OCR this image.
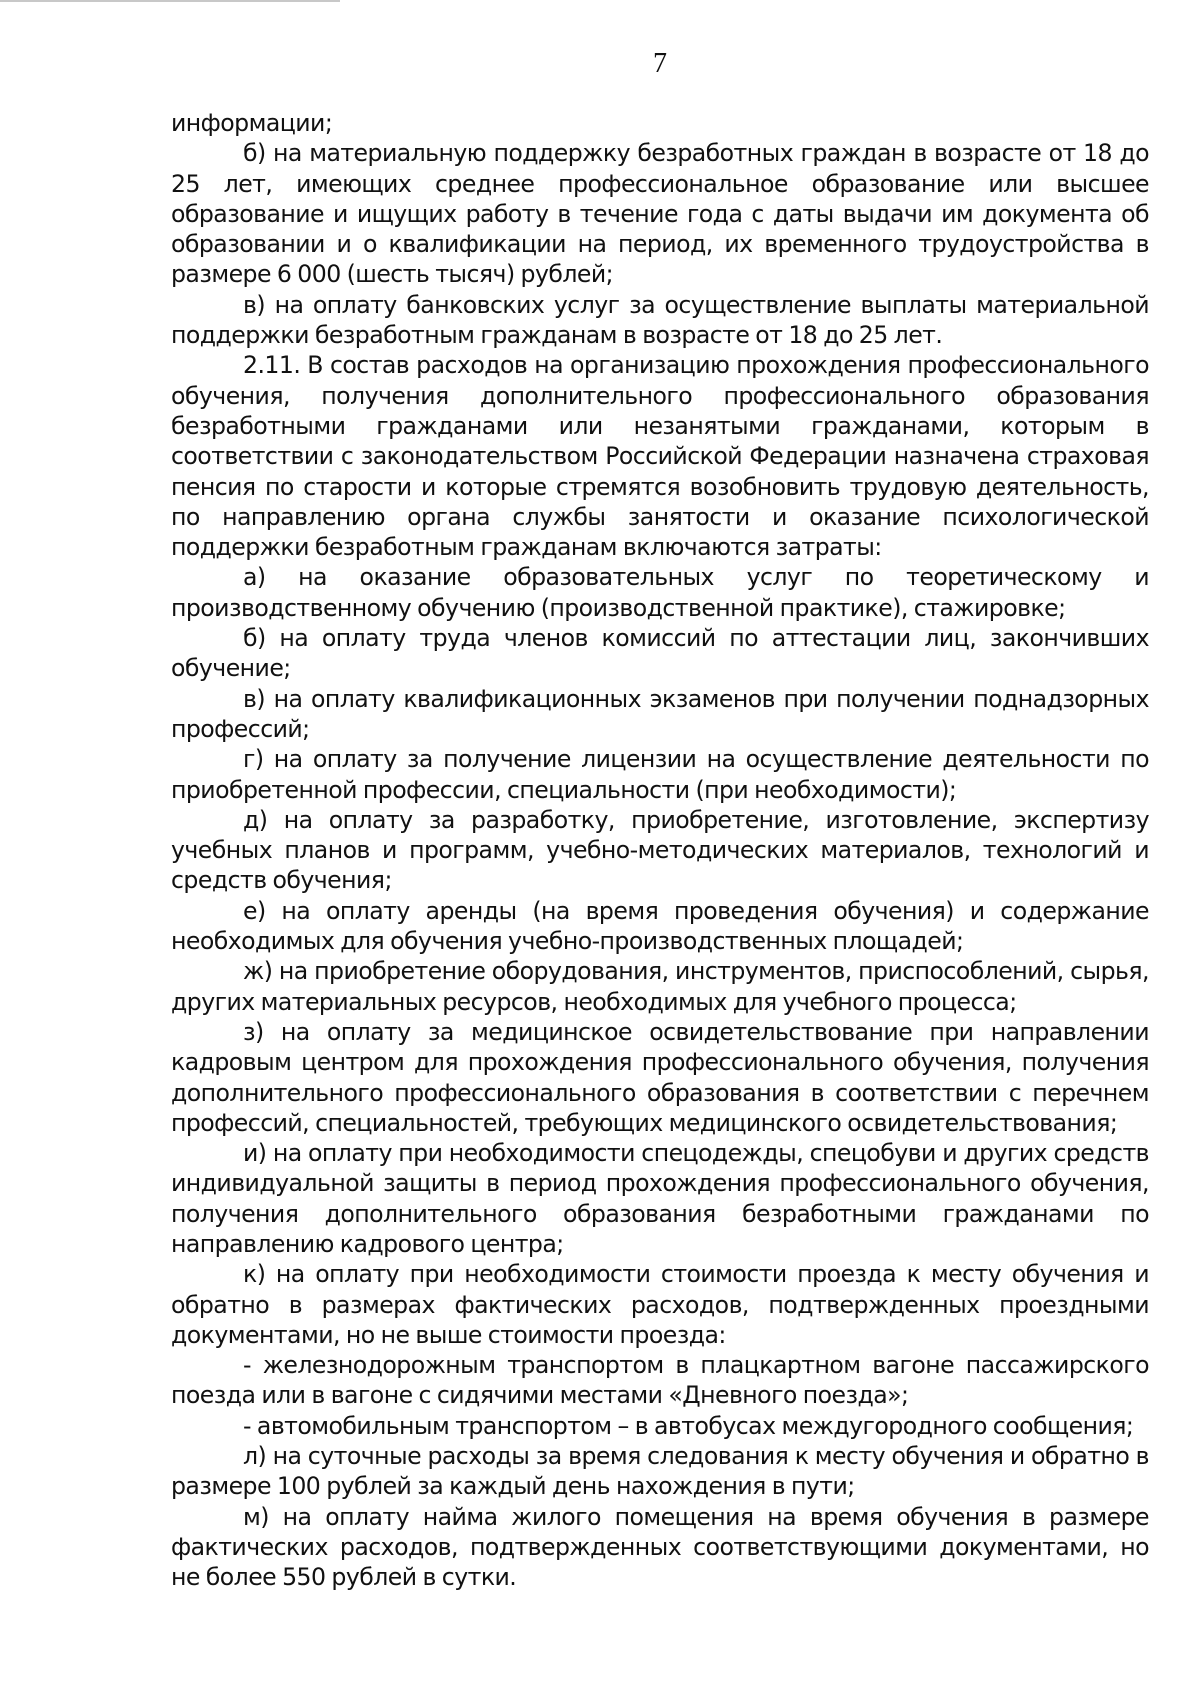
7

информации;

б) на материальную поддержку безработных граждан в возрасте от 18 до 25 лет, имеющих среднее профессиональное образование или высшее образование и ищущих работу в течение года с даты выдачи им документа об образовании и о квалификации на период, их временного трудоустройства в размере 6 000 (шесть тысяч) рублей;

в) на оплату банковских услуг за осуществление выплаты материальной поддержки безработным гражданам в возрасте от 18 до 25 лет.

2.11. В состав расходов на организацию прохождения профессионального обучения, получения дополнительного профессионального образования безработными гражданами или незанятыми гражданами, которым в соответствии с законодательством Российской Федерации назначена страховая пенсия по старости и которые стремятся возобновить трудовую деятельность, по направлению органа службы занятости и оказание психологической поддержки безработным гражданам включаются затраты:

а) на оказание образовательных услуг по теоретическому и производственному обучению (производственной практике), стажировке;

б) на оплату труда членов комиссий по аттестации лиц, закончивших обучение;

в) на оплату квалификационных экзаменов при получении поднадзорных профессий;

г) на оплату за получение лицензии на осуществление деятельности по приобретенной профессии, специальности (при необходимости);

д) на оплату за разработку, приобретение, изготовление, экспертизу учебных планов и программ, учебно-методических материалов, технологий и средств обучения;

е) на оплату аренды (на время проведения обучения) и содержание необходимых для обучения учебно-производственных площадей;

ж) на приобретение оборудования, инструментов, приспособлений, сырья, других материальных ресурсов, необходимых для учебного процесса;

з) на оплату за медицинское освидетельствование при направлении кадровым центром для прохождения профессионального обучения, получения дополнительного профессионального образования в соответствии с перечнем профессий, специальностей, требующих медицинского освидетельствования;

и) на оплату при необходимости спецодежды, спецобуви и других средств индивидуальной защиты в период прохождения профессионального обучения, получения дополнительного образования безработными гражданами по направлению кадрового центра;

к) на оплату при необходимости стоимости проезда к месту обучения и обратно в размерах фактических расходов, подтвержденных проездными документами, но не выше стоимости проезда:

- железнодорожным транспортом в плацкартном вагоне пассажирского поезда или в вагоне с сидячими местами «Дневного поезда»;

- автомобильным транспортом – в автобусах междугородного сообщения;

л) на суточные расходы за время следования к месту обучения и обратно в размере 100 рублей за каждый день нахождения в пути;

м) на оплату найма жилого помещения на время обучения в размере фактических расходов, подтвержденных соответствующими документами, но не более 550 рублей в сутки.
